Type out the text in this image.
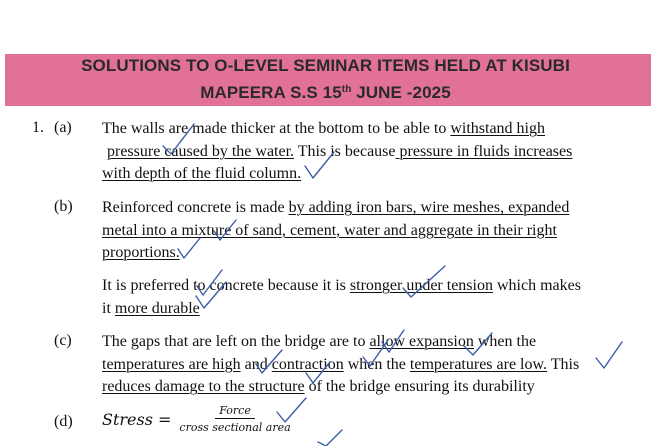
SOLUTIONS TO O-LEVEL SEMINAR ITEMS HELD AT KISUBI
MAPEERA S.S 15th JUNE -2025
1. (a) The walls are made thicker at the bottom to be able to withstand high
pressure caused by the water. This is because pressure in fluids increases
with depth of the fluid column.
(b) Reinforced concrete is made by adding iron bars, wire meshes, expanded
metal into a mixture of sand, cement, water and aggregate in their right
proportions.
It is preferred to concrete because it is stronger under tension which makes
it more durable
(c) The gaps that are left on the bridge are to allow expansion when the
temperatures are high and contraction when the temperatures are low. This
reduces damage to the structure of the bridge ensuring its durability
(d) Stress = $\frac{\text{Force}}{\text{cross sectional area}}$
